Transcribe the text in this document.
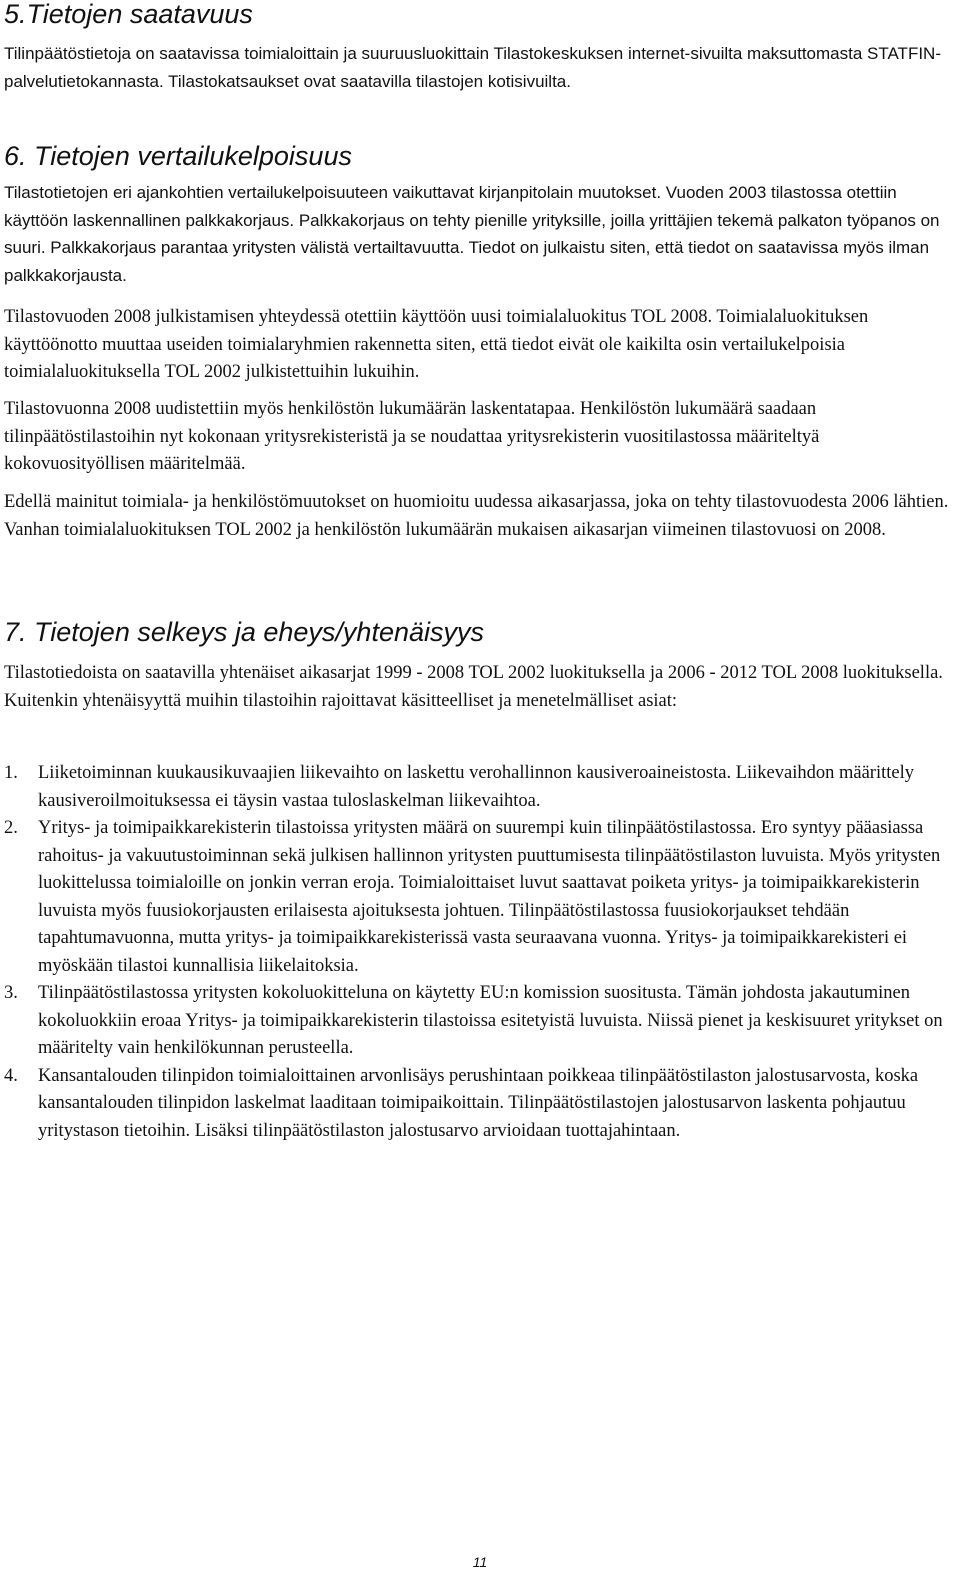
5.Tietojen saatavuus

Tilinpäätöstietoja on saatavissa toimialoittain ja suuruusluokittain Tilastokeskuksen internet-sivuilta maksuttomasta STATFIN-palvelutietokannasta. Tilastokatsaukset ovat saatavilla tilastojen kotisivuilta.

6. Tietojen vertailukelpoisuus

Tilastotietojen eri ajankohtien vertailukelpoisuuteen vaikuttavat kirjanpitolain muutokset. Vuoden 2003 tilastossa otettiin käyttöön laskennallinen palkkakorjaus. Palkkakorjaus on tehty pienille yrityksille, joilla yrittäjien tekemä palkaton työpanos on suuri. Palkkakorjaus parantaa yritysten välistä vertailtavuutta. Tiedot on julkaistu siten, että tiedot on saatavissa myös ilman palkkakorjausta.

Tilastovuoden 2008 julkistamisen yhteydessä otettiin käyttöön uusi toimialaluokitus TOL 2008. Toimialaluokituksen käyttöönotto muuttaa useiden toimialaryhmien rakennetta siten, että tiedot eivät ole kaikilta osin vertailukelpoisia toimialaluokituksella TOL 2002 julkistettuihin lukuihin.

Tilastovuonna 2008 uudistettiin myös henkilöstön lukumäärän laskentatapaa. Henkilöstön lukumäärä saadaan tilinpäätöstilastoihin nyt kokonaan yritysrekisteristä ja se noudattaa yritysrekisterin vuositilastossa määriteltyä kokovuosityöllisen määritelmää.

Edellä mainitut toimiala- ja henkilöstömuutokset on huomioitu uudessa aikasarjassa, joka on tehty tilastovuodesta 2006 lähtien. Vanhan toimialaluokituksen TOL 2002 ja henkilöstön lukumäärän mukaisen aikasarjan viimeinen tilastovuosi on 2008.

7. Tietojen selkeys ja eheys/yhtenäisyys

Tilastotiedoista on saatavilla yhtenäiset aikasarjat 1999 - 2008 TOL 2002 luokituksella ja 2006 - 2012 TOL 2008 luokituksella. Kuitenkin yhtenäisyyttä muihin tilastoihin rajoittavat käsitteelliset ja menetelmälliset asiat:

1. Liiketoiminnan kuukausikuvaajien liikevaihto on laskettu verohallinnon kausiveroaineistosta. Liikevaihdon määrittely kausiveroilmoituksessa ei täysin vastaa tuloslaskelman liikevaihtoa.
2. Yritys- ja toimipaikkarekisterin tilastoissa yritysten määrä on suurempi kuin tilinpäätöstilastossa. Ero syntyy pääasiassa rahoitus- ja vakuutustoiminnan sekä julkisen hallinnon yritysten puuttumisesta tilinpäätöstilaston luvuista. Myös yritysten luokittelussa toimialoille on jonkin verran eroja. Toimialoittaiset luvut saattavat poiketa yritys- ja toimipaikkarekisterin luvuista myös fuusiokorjausten erilaisesta ajoituksesta johtuen. Tilinpäätöstilastossa fuusiokorjaukset tehdään tapahtumavuonna, mutta yritys- ja toimipaikkarekisterissä vasta seuraavana vuonna. Yritys- ja toimipaikkarekisteri ei myöskään tilastoi kunnallisia liikelaitoksia.
3. Tilinpäätöstilastossa yritysten kokoluokitteluna on käytetty EU:n komission suositusta. Tämän johdosta jakautuminen kokoluokkiin eroaa Yritys- ja toimipaikkarekisterin tilastoissa esitetyistä luvuista. Niissä pienet ja keskisuuret yritykset on määritelty vain henkilökunnan perusteella.
4. Kansantalouden tilinpidon toimialoittainen arvonlisäys perushintaan poikkeaa tilinpäätöstilaston jalostusarvosta, koska kansantalouden tilinpidon laskelmat laaditaan toimipaikoittain. Tilinpäätöstilastojen jalostusarvon laskenta pohjautuu yritystason tietoihin. Lisäksi tilinpäätöstilaston jalostusarvo arvioidaan tuottajahintaan.
11
